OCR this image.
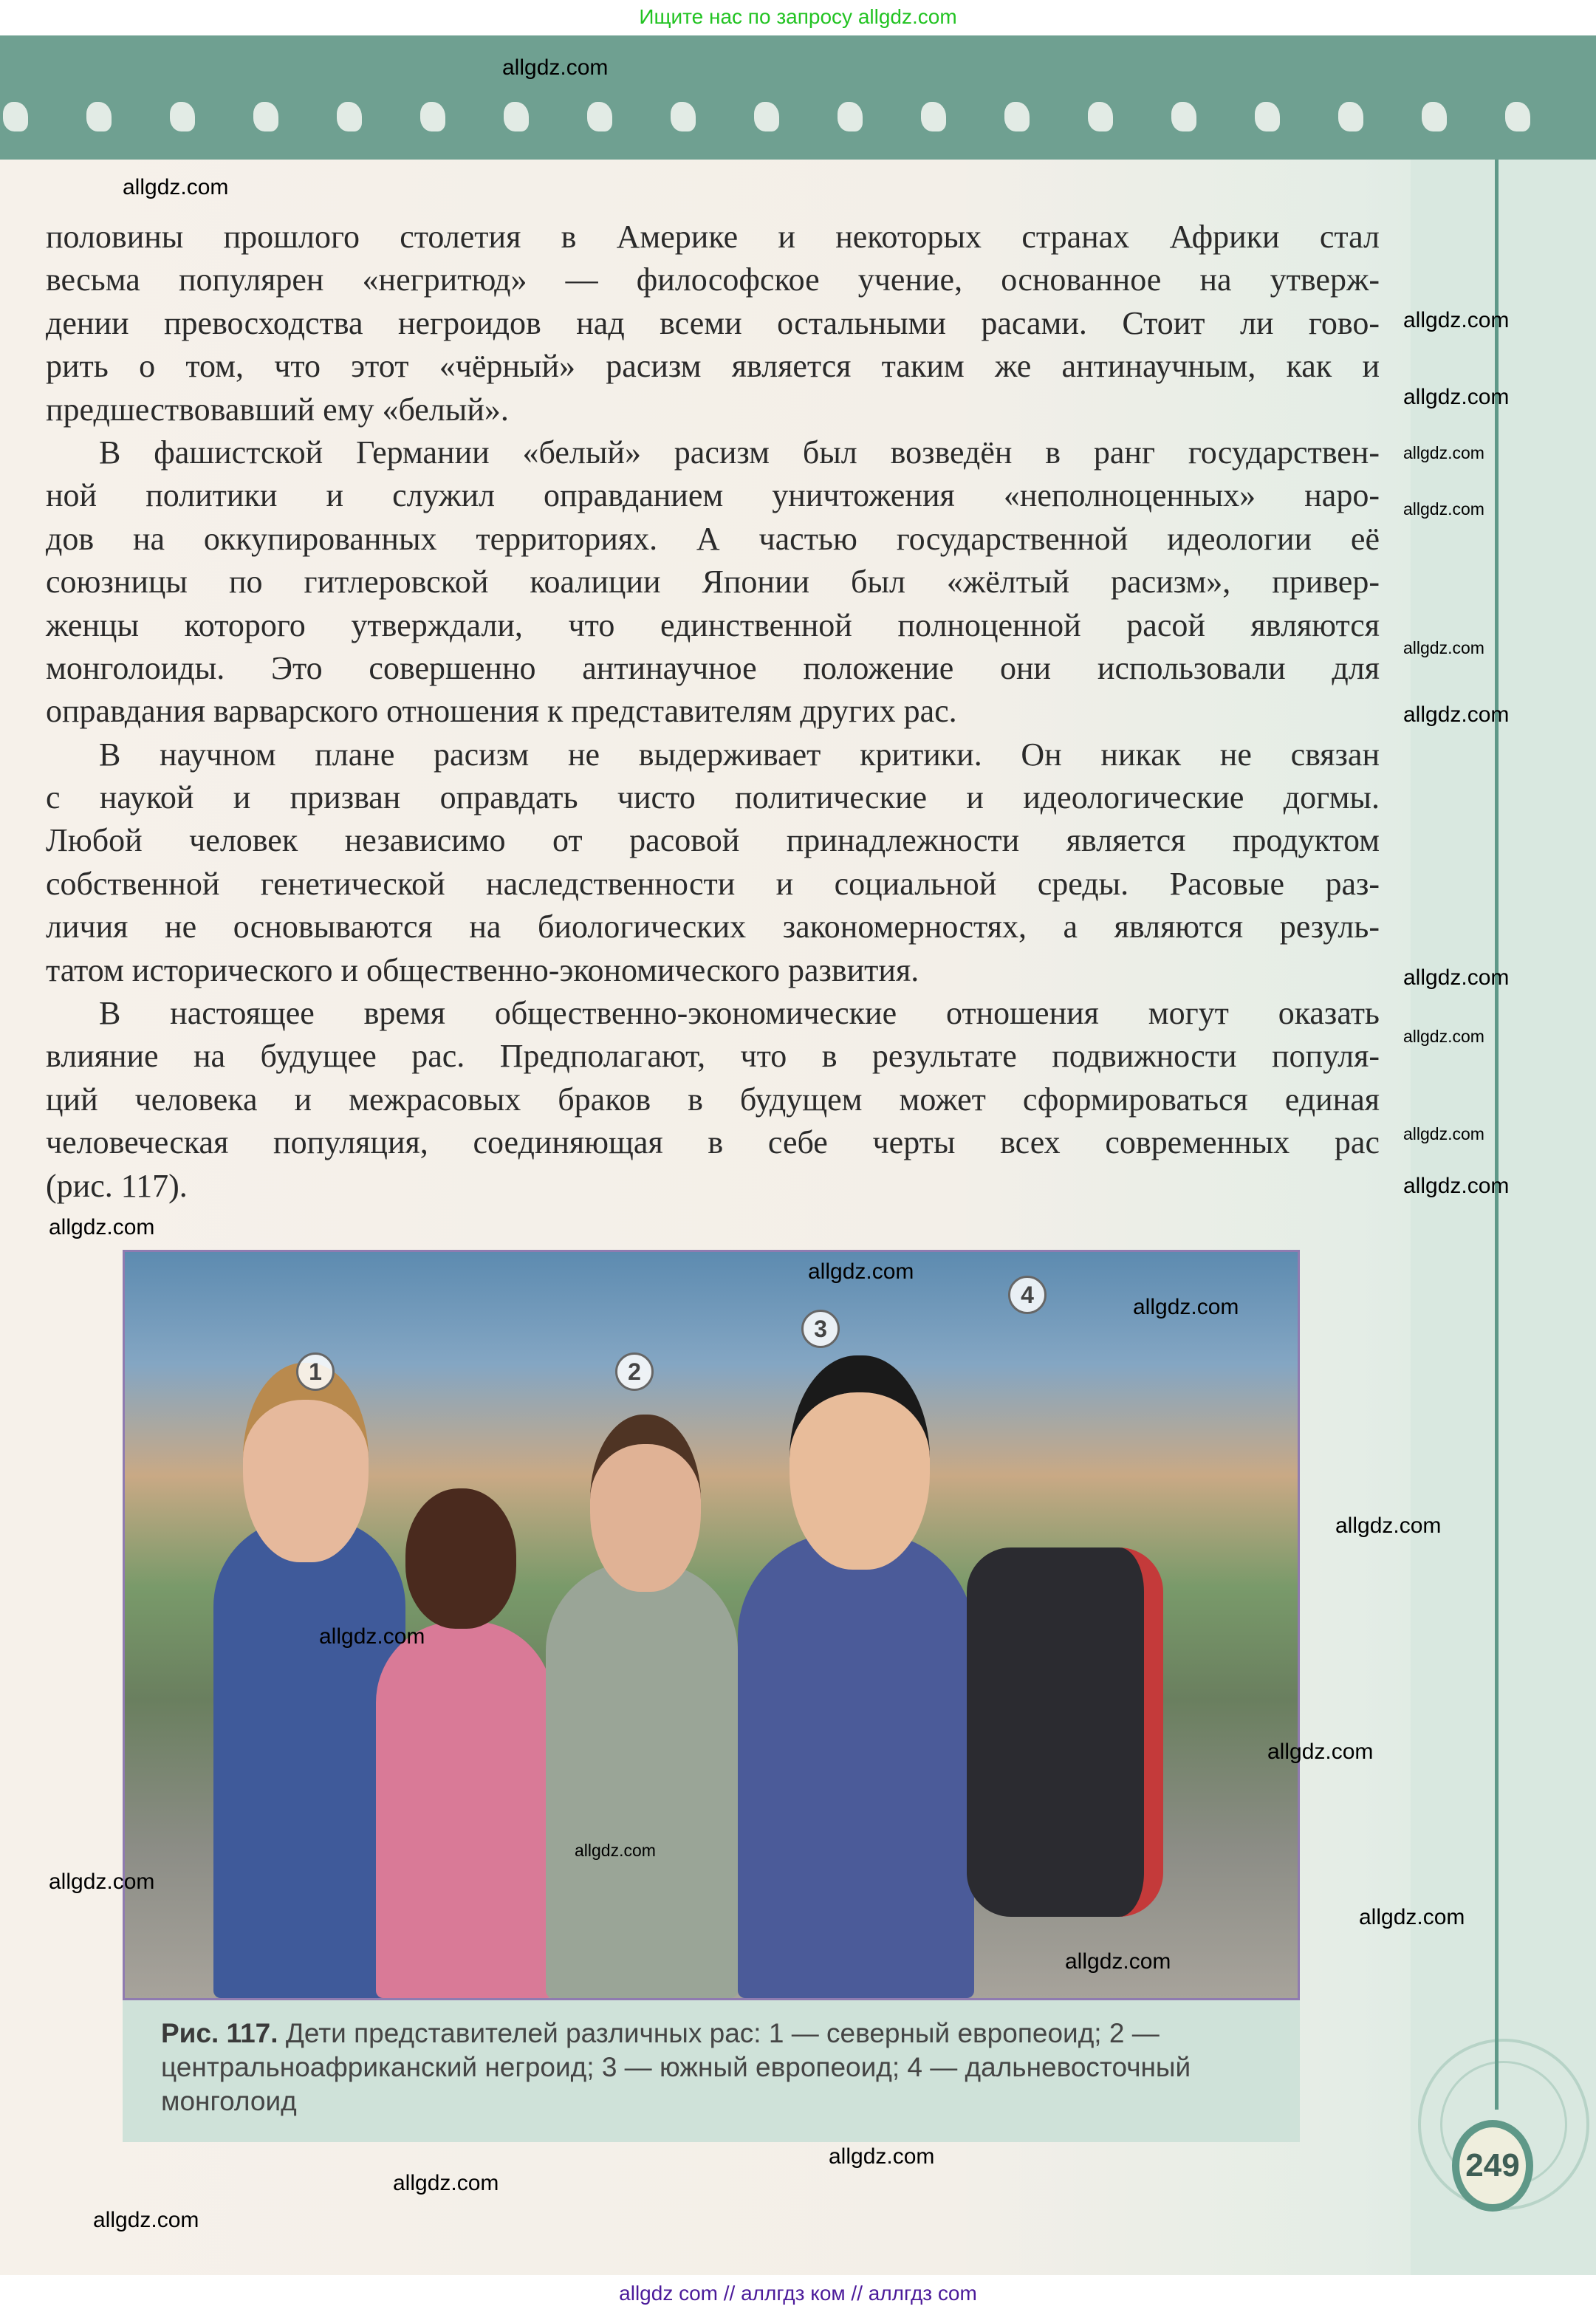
Ищите нас по запросу allgdz.com
половины прошлого столетия в Америке и некоторых странах Африки стал
весьма популярен «негритюд» — философское учение, основанное на утверж-
дении превосходства негроидов над всеми остальными расами. Стоит ли гово-
рить о том, что этот «чёрный» расизм является таким же антинаучным, как и
предшествовавший ему «белый».
В фашистской Германии «белый» расизм был возведён в ранг государствен-
ной политики и служил оправданием уничтожения «неполноценных» наро-
дов на оккупированных территориях. А частью государственной идеологии её
союзницы по гитлеровской коалиции Японии был «жёлтый расизм», привер-
женцы которого утверждали, что единственной полноценной расой являются
монголоиды. Это совершенно антинаучное положение они использовали для
оправдания варварского отношения к представителям других рас.
В научном плане расизм не выдерживает критики. Он никак не связан
с наукой и призван оправдать чисто политические и идеологические догмы.
Любой человек независимо от расовой принадлежности является продуктом
собственной генетической наследственности и социальной среды. Расовые раз-
личия не основываются на биологических закономерностях, а являются резуль-
татом исторического и общественно-экономического развития.
В настоящее время общественно-экономические отношения могут оказать
влияние на будущее рас. Предполагают, что в результате подвижности популя-
ций человека и межрасовых браков в будущем может сформироваться единая
человеческая популяция, соединяющая в себе черты всех современных рас
(рис. 117).
1	2
3
4

Рис. 117. Дети представителей различных рас: 1 — северный европеоид; 2 — центральноафриканский негроид; 3 — южный европеоид; 4 — дальневосточный монголоид

249
allgdz.com
allgdz.com
allgdz.com
allgdz.com
allgdz.com
allgdz.com
allgdz.com
allgdz.com
allgdz.com
allgdz.com
allgdz.com
allgdz.com
allgdz.com
allgdz.com
allgdz.com
allgdz.com
allgdz.com
allgdz.com
allgdz.com
allgdz.com
allgdz.com
allgdz.com
allgdz.com
allgdz.com
allgdz.com
allgdz com // аллгдз ком // аллгдз com
